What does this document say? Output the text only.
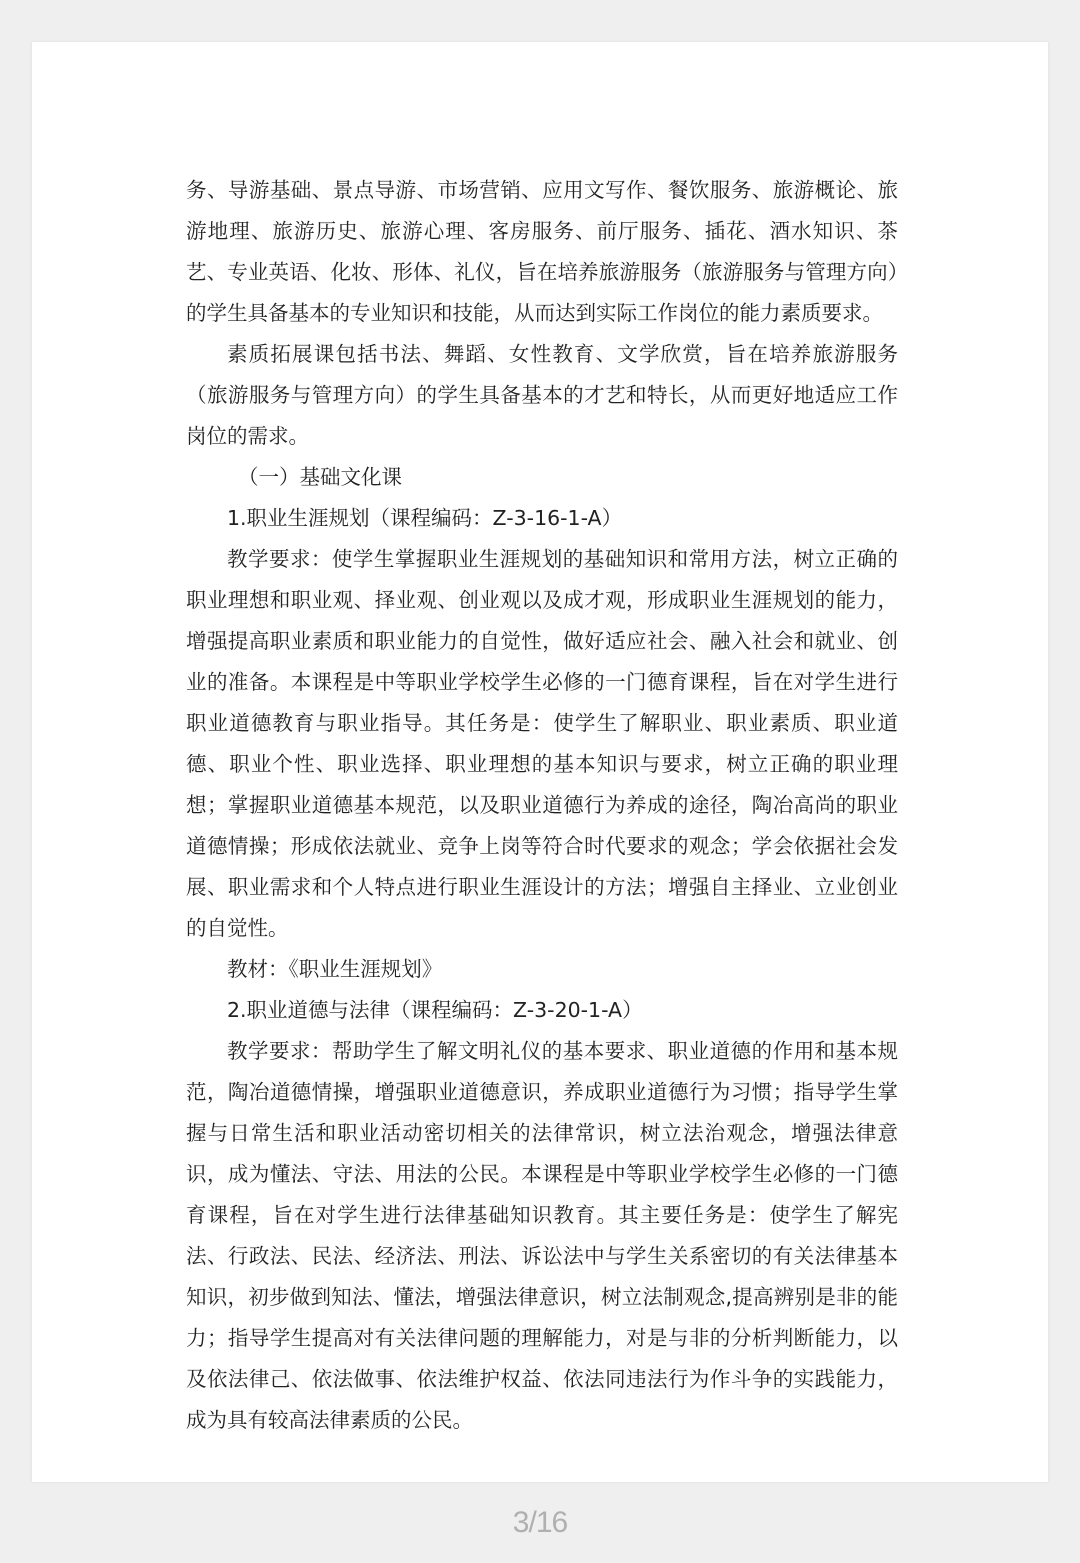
务、导游基础、景点导游、市场营销、应用文写作、餐饮服务、旅游概论、旅游地理、旅游历史、旅游心理、客房服务、前厅服务、插花、酒水知识、茶艺、专业英语、化妆、形体、礼仪，旨在培养旅游服务（旅游服务与管理方向）的学生具备基本的专业知识和技能，从而达到实际工作岗位的能力素质要求。

素质拓展课包括书法、舞蹈、女性教育、文学欣赏，旨在培养旅游服务（旅游服务与管理方向）的学生具备基本的才艺和特长，从而更好地适应工作岗位的需求。

（一）基础文化课

1.职业生涯规划（课程编码：Z-3-16-1-A）

教学要求：使学生掌握职业生涯规划的基础知识和常用方法，树立正确的职业理想和职业观、择业观、创业观以及成才观，形成职业生涯规划的能力，增强提高职业素质和职业能力的自觉性，做好适应社会、融入社会和就业、创业的准备。本课程是中等职业学校学生必修的一门德育课程，旨在对学生进行职业道德教育与职业指导。其任务是：使学生了解职业、职业素质、职业道德、职业个性、职业选择、职业理想的基本知识与要求，树立正确的职业理想；掌握职业道德基本规范，以及职业道德行为养成的途径，陶冶高尚的职业道德情操；形成依法就业、竞争上岗等符合时代要求的观念；学会依据社会发展、职业需求和个人特点进行职业生涯设计的方法；增强自主择业、立业创业的自觉性。

教材：《职业生涯规划》

2.职业道德与法律（课程编码：Z-3-20-1-A）

教学要求：帮助学生了解文明礼仪的基本要求、职业道德的作用和基本规范，陶冶道德情操，增强职业道德意识，养成职业道德行为习惯；指导学生掌握与日常生活和职业活动密切相关的法律常识，树立法治观念，增强法律意识，成为懂法、守法、用法的公民。本课程是中等职业学校学生必修的一门德育课程，旨在对学生进行法律基础知识教育。其主要任务是：使学生了解宪法、行政法、民法、经济法、刑法、诉讼法中与学生关系密切的有关法律基本知识，初步做到知法、懂法，增强法律意识，树立法制观念,提高辨别是非的能力；指导学生提高对有关法律问题的理解能力，对是与非的分析判断能力，以及依法律己、依法做事、依法维护权益、依法同违法行为作斗争的实践能力，成为具有较高法律素质的公民。

3/16
